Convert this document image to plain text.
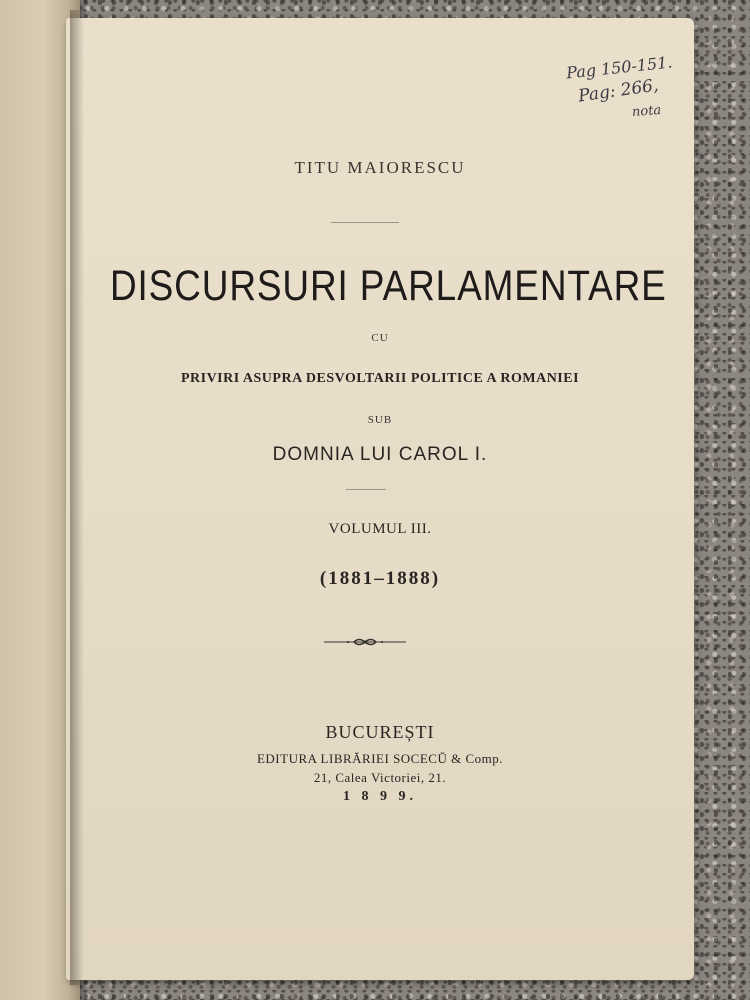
Pag 150-151.
Pag: 266,
nota
TITU MAIORESCU
DISCURSURI PARLAMENTARE
CU
PRIVIRI ASUPRA DESVOLTARII POLITICE A ROMANIEI
SUB
DOMNIA LUI CAROL I.
VOLUMUL III.
(1881–1888)
BUCUREȘTI
EDITURA LIBRĂRIEI SOCECŬ & Comp.
21, Calea Victoriei, 21.
1 8 9 9.
